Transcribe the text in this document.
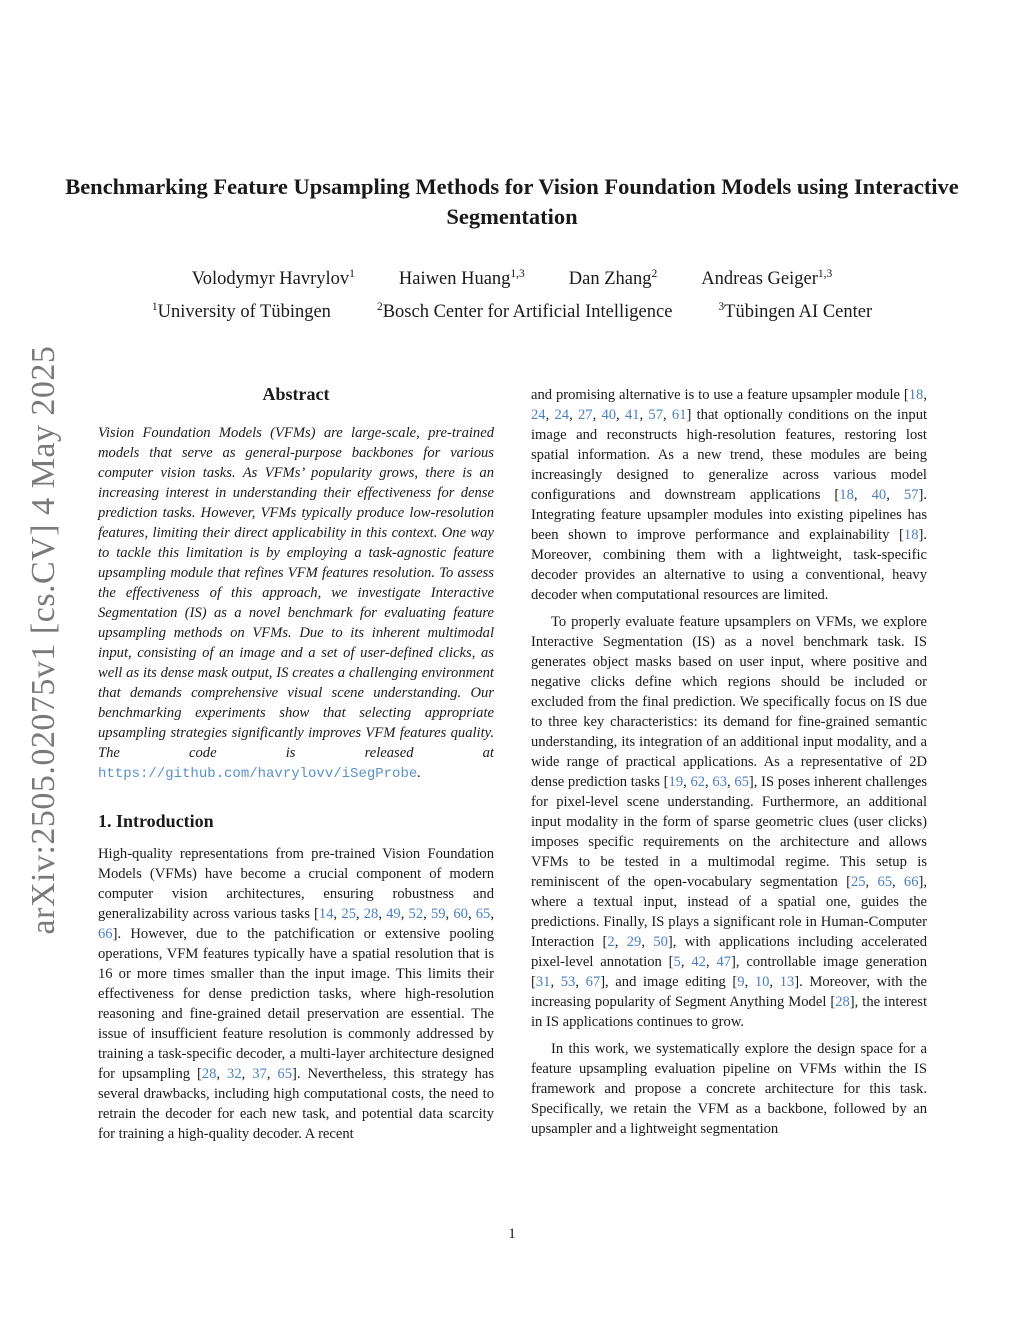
Benchmarking Feature Upsampling Methods for Vision Foundation Models using Interactive Segmentation
Volodymyr Havrylov$^1$ Haiwen Huang$^{1,3}$ Dan Zhang$^2$ Andreas Geiger$^{1,3}$
$^1$University of Tübingen	$^2$Bosch Center for Artificial Intelligence	$^3$Tübingen AI Center
arXiv:2505.02075v1 [cs.CV] 4 May 2025	Abstract

Vision Foundation Models (VFMs) are large-scale, pre-trained models that serve as general-purpose backbones for various computer vision tasks. As VFMs’ popularity grows, there is an increasing interest in understanding their effectiveness for dense prediction tasks. However, VFMs typically produce low-resolution features, limiting their direct applicability in this context. One way to tackle this limitation is by employing a task-agnostic feature upsampling module that refines VFM features resolution. To assess the effectiveness of this approach, we investigate Interactive Segmentation (IS) as a novel benchmark for evaluating feature upsampling methods on VFMs. Due to its inherent multimodal input, consisting of an image and a set of user-defined clicks, as well as its dense mask output, IS creates a challenging environment that demands comprehensive visual scene understanding. Our benchmarking experiments show that selecting appropriate upsampling strategies significantly improves VFM features quality. The code is released at https://github.com/havrylovv/iSegProbe.

1. Introduction

High-quality representations from pre-trained Vision Foundation Models (VFMs) have become a crucial component of modern computer vision architectures, ensuring robustness and generalizability across various tasks [14, 25, 28, 49, 52, 59, 60, 65, 66]. However, due to the patchification or extensive pooling operations, VFM features typically have a spatial resolution that is 16 or more times smaller than the input image. This limits their effectiveness for dense prediction tasks, where high-resolution reasoning and fine-grained detail preservation are essential. The issue of insufficient feature resolution is commonly addressed by training a task-specific decoder, a multi-layer architecture designed for upsampling [28, 32, 37, 65]. Nevertheless, this strategy has several drawbacks, including high computational costs, the need to retrain the decoder for each new task, and potential data scarcity for training a high-quality decoder. A recent

and promising alternative is to use a feature upsampler module [18, 24, 24, 27, 40, 41, 57, 61] that optionally conditions on the input image and reconstructs high-resolution features, restoring lost spatial information. As a new trend, these modules are being increasingly designed to generalize across various model configurations and downstream applications [18, 40, 57]. Integrating feature upsampler modules into existing pipelines has been shown to improve performance and explainability [18]. Moreover, combining them with a lightweight, task-specific decoder provides an alternative to using a conventional, heavy decoder when computational resources are limited.

To properly evaluate feature upsamplers on VFMs, we explore Interactive Segmentation (IS) as a novel benchmark task. IS generates object masks based on user input, where positive and negative clicks define which regions should be included or excluded from the final prediction. We specifically focus on IS due to three key characteristics: its demand for fine-grained semantic understanding, its integration of an additional input modality, and a wide range of practical applications. As a representative of 2D dense prediction tasks [19, 62, 63, 65], IS poses inherent challenges for pixel-level scene understanding. Furthermore, an additional input modality in the form of sparse geometric clues (user clicks) imposes specific requirements on the architecture and allows VFMs to be tested in a multimodal regime. This setup is reminiscent of the open-vocabulary segmentation [25, 65, 66], where a textual input, instead of a spatial one, guides the predictions. Finally, IS plays a significant role in Human-Computer Interaction [2, 29, 50], with applications including accelerated pixel-level annotation [5, 42, 47], controllable image generation [31, 53, 67], and image editing [9, 10, 13]. Moreover, with the increasing popularity of Segment Anything Model [28], the interest in IS applications continues to grow.

In this work, we systematically explore the design space for a feature upsampling evaluation pipeline on VFMs within the IS framework and propose a concrete architecture for this task. Specifically, we retain the VFM as a backbone, followed by an upsampler and a lightweight segmentation

1
